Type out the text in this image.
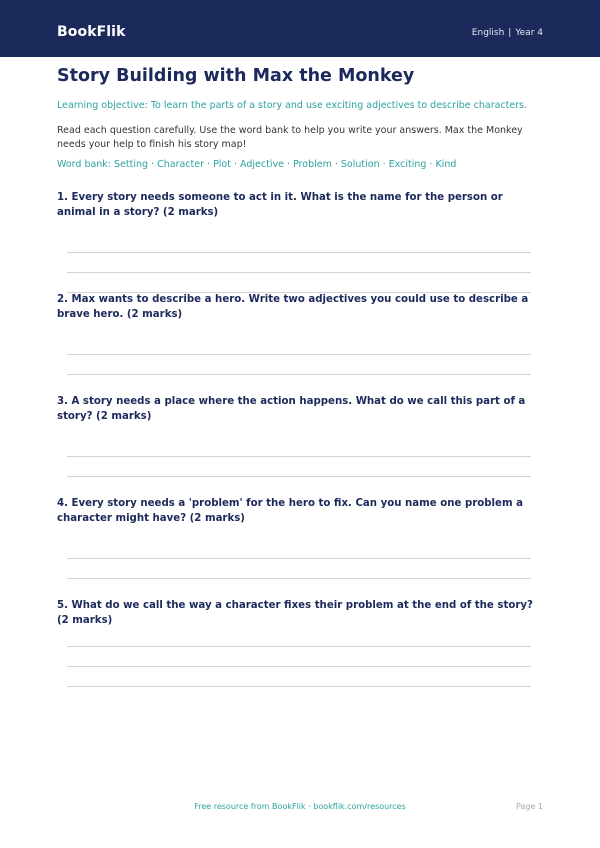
BookFlik	English | Year 4
Story Building with Max the Monkey

Learning objective: To learn the parts of a story and use exciting adjectives to describe characters.

Read each question carefully. Use the word bank to help you write your answers. Max the Monkey needs your help to finish his story map!

Word bank: Setting · Character · Plot · Adjective · Problem · Solution · Exciting · Kind

1. Every story needs someone to act in it. What is the name for the person or animal in a story? (2 marks)

2. Max wants to describe a hero. Write two adjectives you could use to describe a brave hero. (2 marks)

3. A story needs a place where the action happens. What do we call this part of a story? (2 marks)

4. Every story needs a 'problem' for the hero to fix. Can you name one problem a character might have? (2 marks)

5. What do we call the way a character fixes their problem at the end of the story? (2 marks)

Free resource from BookFlik · bookflik.com/resources	Page 1
